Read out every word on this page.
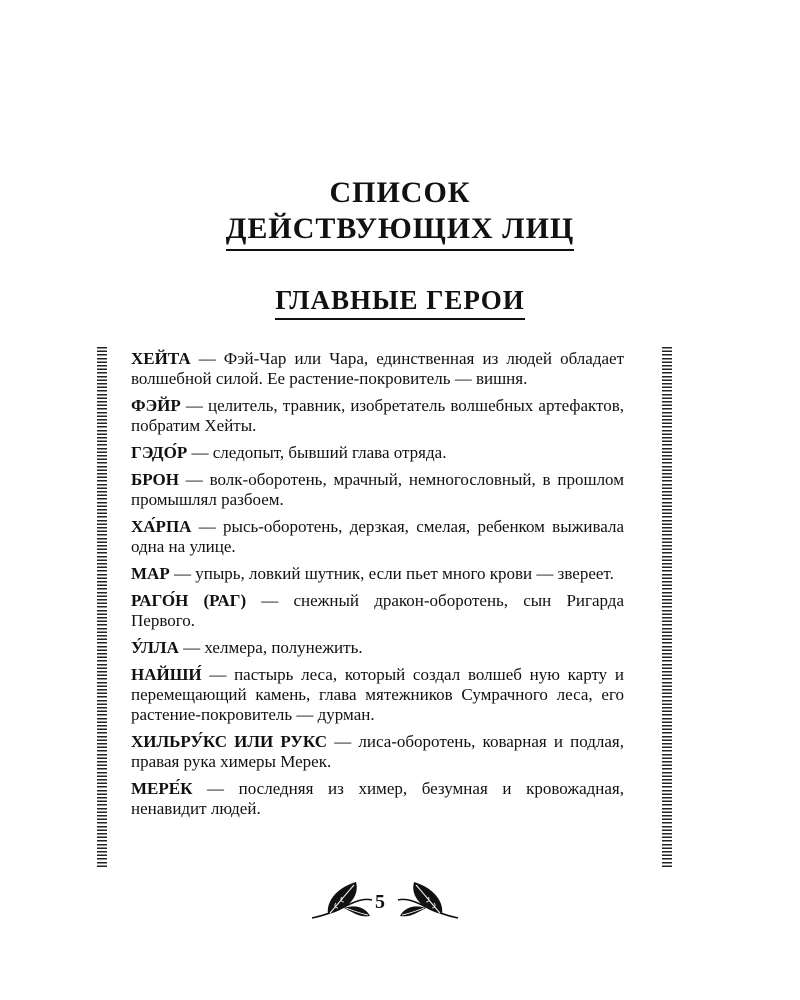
СПИСОК
ДЕЙСТВУЮЩИХ ЛИЦ
ГЛАВНЫЕ ГЕРОИ
ХЕЙТА — Фэй-Чар или Чара, единственная из людей обладает волшебной силой. Ее растение-покровитель — вишня.
ФЭЙР — целитель, травник, изобретатель волшебных артефактов, побратим Хейты.
ГЭДО́Р — следопыт, бывший глава отряда.
БРОН — волк-оборотень, мрачный, немногословный, в прошлом промышлял разбоем.
ХА́РПА — рысь-оборотень, дерзкая, смелая, ребенком выживала одна на улице.
МАР — упырь, ловкий шутник, если пьет много крови — звереет.
РАГО́Н (РАГ) — снежный дракон-оборотень, сын Ригарда Первого.
У́ЛЛА — хелмера, полунежить.
НАЙШИ́ — пастырь леса, который создал волшеб ную карту и перемещающий камень, глава мятежников Сумрачного леса, его растение-покровитель — дурман.
ХИЛЬРУ́КС ИЛИ РУКС — лиса-оборотень, коварная и подлая, правая рука химеры Мерек.
МЕРЕ́К — последняя из химер, безумная и кровожадная, ненавидит людей.
5
